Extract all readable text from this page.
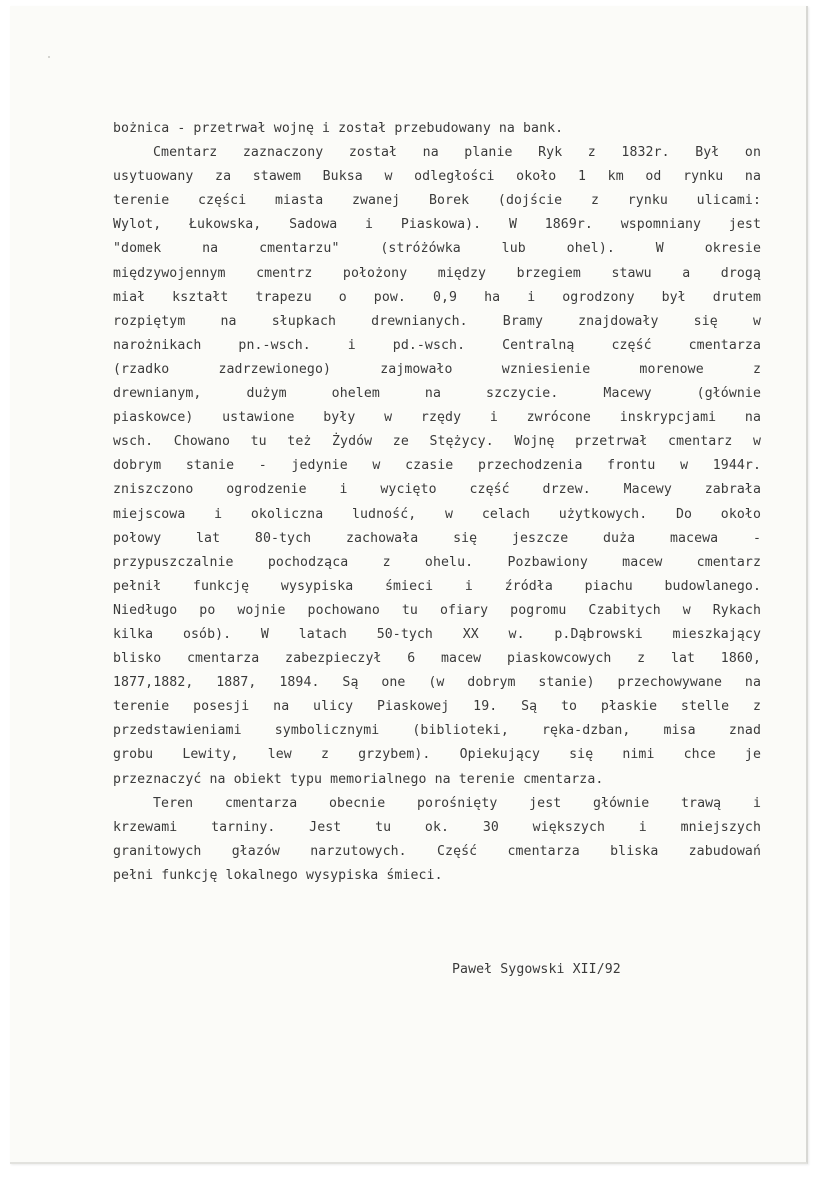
bożnica - przetrwał wojnę i został przebudowany na bank.
Cmentarz zaznaczony został na planie Ryk z 1832r. Był on
usytuowany za stawem Buksa w odległości około 1 km od rynku na
terenie części miasta zwanej Borek (dojście z rynku ulicami:
Wylot, Łukowska, Sadowa i Piaskowa). W 1869r. wspomniany jest
"domek na cmentarzu" (stróżówka lub ohel). W okresie
międzywojennym cmentrz położony między brzegiem stawu a drogą
miał kształt trapezu o pow. 0,9 ha i ogrodzony był drutem
rozpiętym na słupkach drewnianych. Bramy znajdowały się w
narożnikach pn.-wsch. i pd.-wsch. Centralną część cmentarza
(rzadko zadrzewionego) zajmowało wzniesienie morenowe z
drewnianym, dużym ohelem na szczycie. Macewy (głównie
piaskowce) ustawione były w rzędy i zwrócone inskrypcjami na
wsch. Chowano tu też Żydów ze Stężycy. Wojnę przetrwał cmentarz w
dobrym stanie - jedynie w czasie przechodzenia frontu w 1944r.
zniszczono ogrodzenie i wycięto część drzew. Macewy zabrała
miejscowa i okoliczna ludność, w celach użytkowych. Do około
połowy lat 80-tych zachowała się jeszcze duża macewa -
przypuszczalnie pochodząca z ohelu. Pozbawiony macew cmentarz
pełnił funkcję wysypiska śmieci i źródła piachu budowlanego.
Niedługo po wojnie pochowano tu ofiary pogromu Czabitych w Rykach
kilka osób). W latach 50-tych XX w. p.Dąbrowski mieszkający
blisko cmentarza zabezpieczył 6 macew piaskowcowych z lat 1860,
1877,1882, 1887, 1894. Są one (w dobrym stanie) przechowywane na
terenie posesji na ulicy Piaskowej 19. Są to płaskie stelle z
przedstawieniami symbolicznymi (biblioteki, ręka-dzban, misa znad
grobu Lewity, lew z grzybem). Opiekujący się nimi chce je
przeznaczyć na obiekt typu memorialnego na terenie cmentarza.
Teren cmentarza obecnie porośnięty jest głównie trawą i
krzewami tarniny. Jest tu ok. 30 większych i mniejszych
granitowych głazów narzutowych. Część cmentarza bliska zabudowań
pełni funkcję lokalnego wysypiska śmieci.
Paweł Sygowski XII/92
